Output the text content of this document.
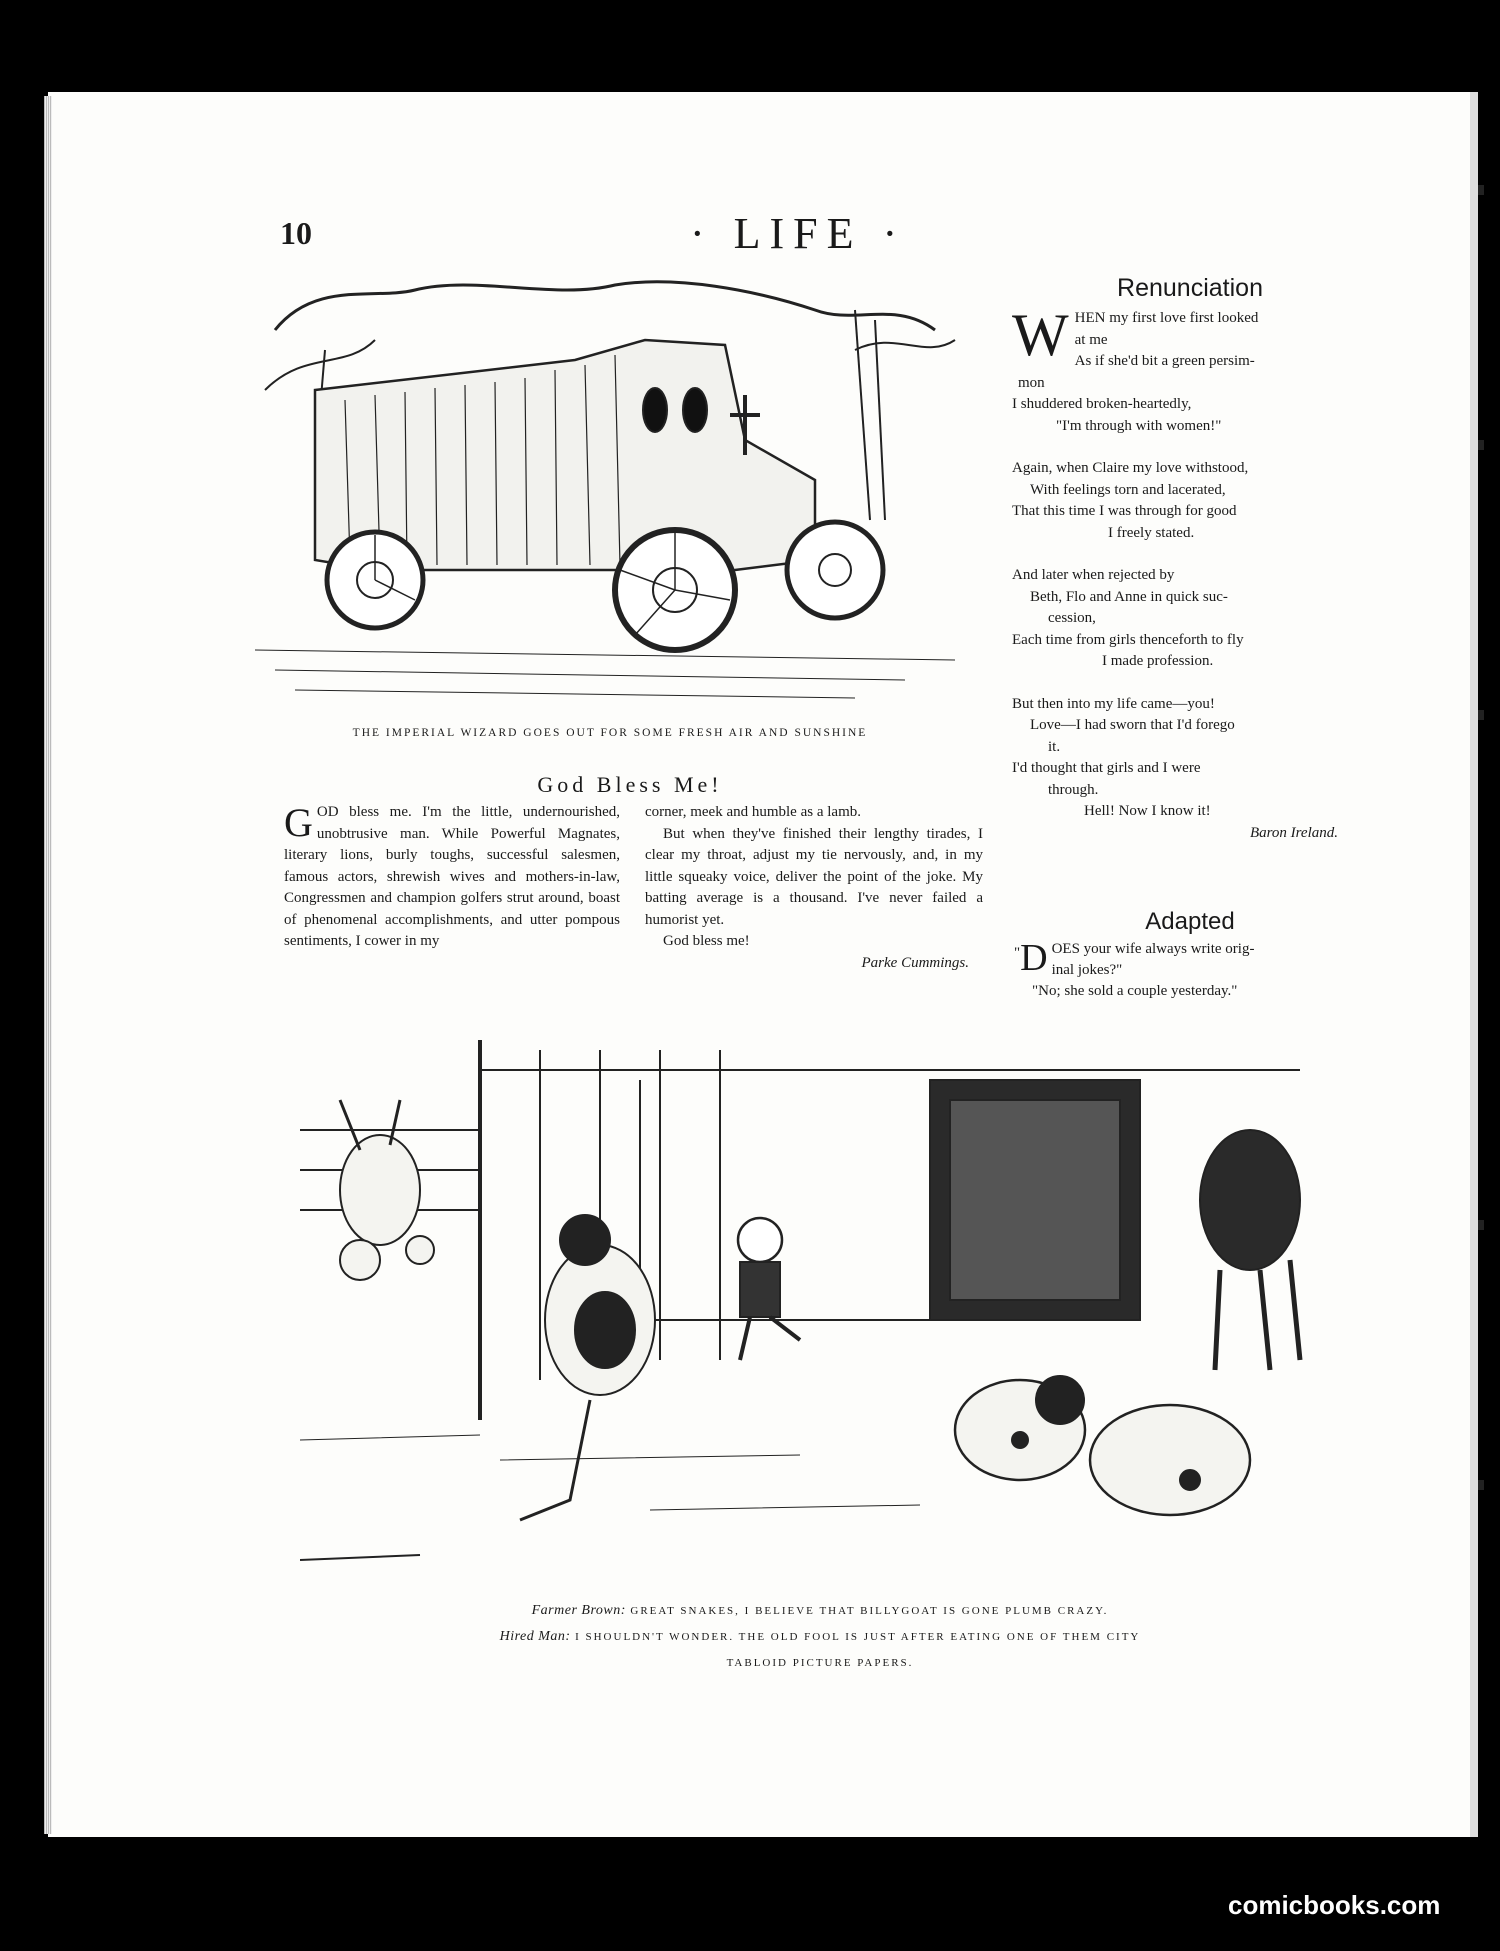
10	· LIFE ·
THE IMPERIAL WIZARD GOES OUT FOR SOME FRESH AIR AND SUNSHINE
God Bless Me!
GOD bless me. I'm the little, undernourished, unobtrusive man. While Powerful Magnates, literary lions, burly toughs, successful salesmen, famous actors, shrewish wives and mothers-in-law, Congressmen and champion golfers strut around, boast of phenomenal accomplishments, and utter pompous sentiments, I cower in my
corner, meek and humble as a lamb.
But when they've finished their lengthy tirades, I clear my throat, adjust my tie nervously, and, in my little squeaky voice, deliver the point of the joke. My batting average is a thousand. I've never failed a humorist yet.
God bless me!
Parke Cummings.
Renunciation
W HEN my first love first looked
at me
As if she'd bit a green persim-
mon
I shuddered broken-heartedly,
"I'm through with women!"
Again, when Claire my love withstood,
With feelings torn and lacerated,
That this time I was through for good
I freely stated.
And later when rejected by
Beth, Flo and Anne in quick suc-
cession,
Each time from girls thenceforth to fly
I made profession.
But then into my life came—you!
Love—I had sworn that I'd forego
it.
I'd thought that girls and I were
through.
Hell! Now I know it!
Baron Ireland.
Adapted
" D OES your wife always write orig-
inal jokes?"
"No; she sold a couple yesterday."
Farmer Brown: GREAT SNAKES, I BELIEVE THAT BILLYGOAT IS GONE PLUMB CRAZY.
Hired Man: I SHOULDN'T WONDER. THE OLD FOOL IS JUST AFTER EATING ONE OF THEM CITY
TABLOID PICTURE PAPERS.
comicbooks.com
